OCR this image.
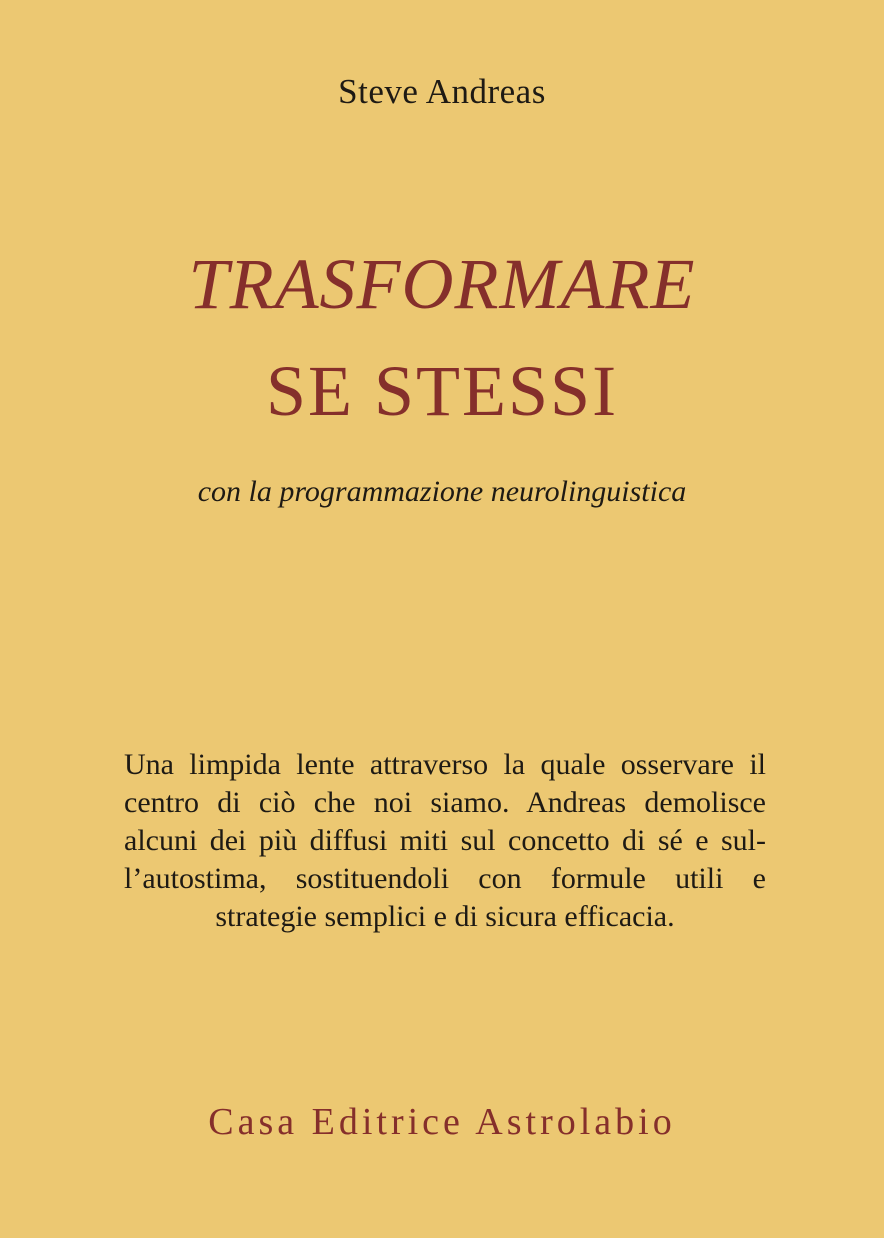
Steve Andreas
TRASFORMARE
SE STESSI
con la programmazione neurolinguistica
Una limpida lente attraverso la quale osservare il
centro di ciò che noi siamo. Andreas demolisce
alcuni dei più diffusi miti sul concetto di sé e sul-
l’autostima, sostituendoli con formule utili e
strategie semplici e di sicura efficacia.
Casa Editrice Astrolabio
